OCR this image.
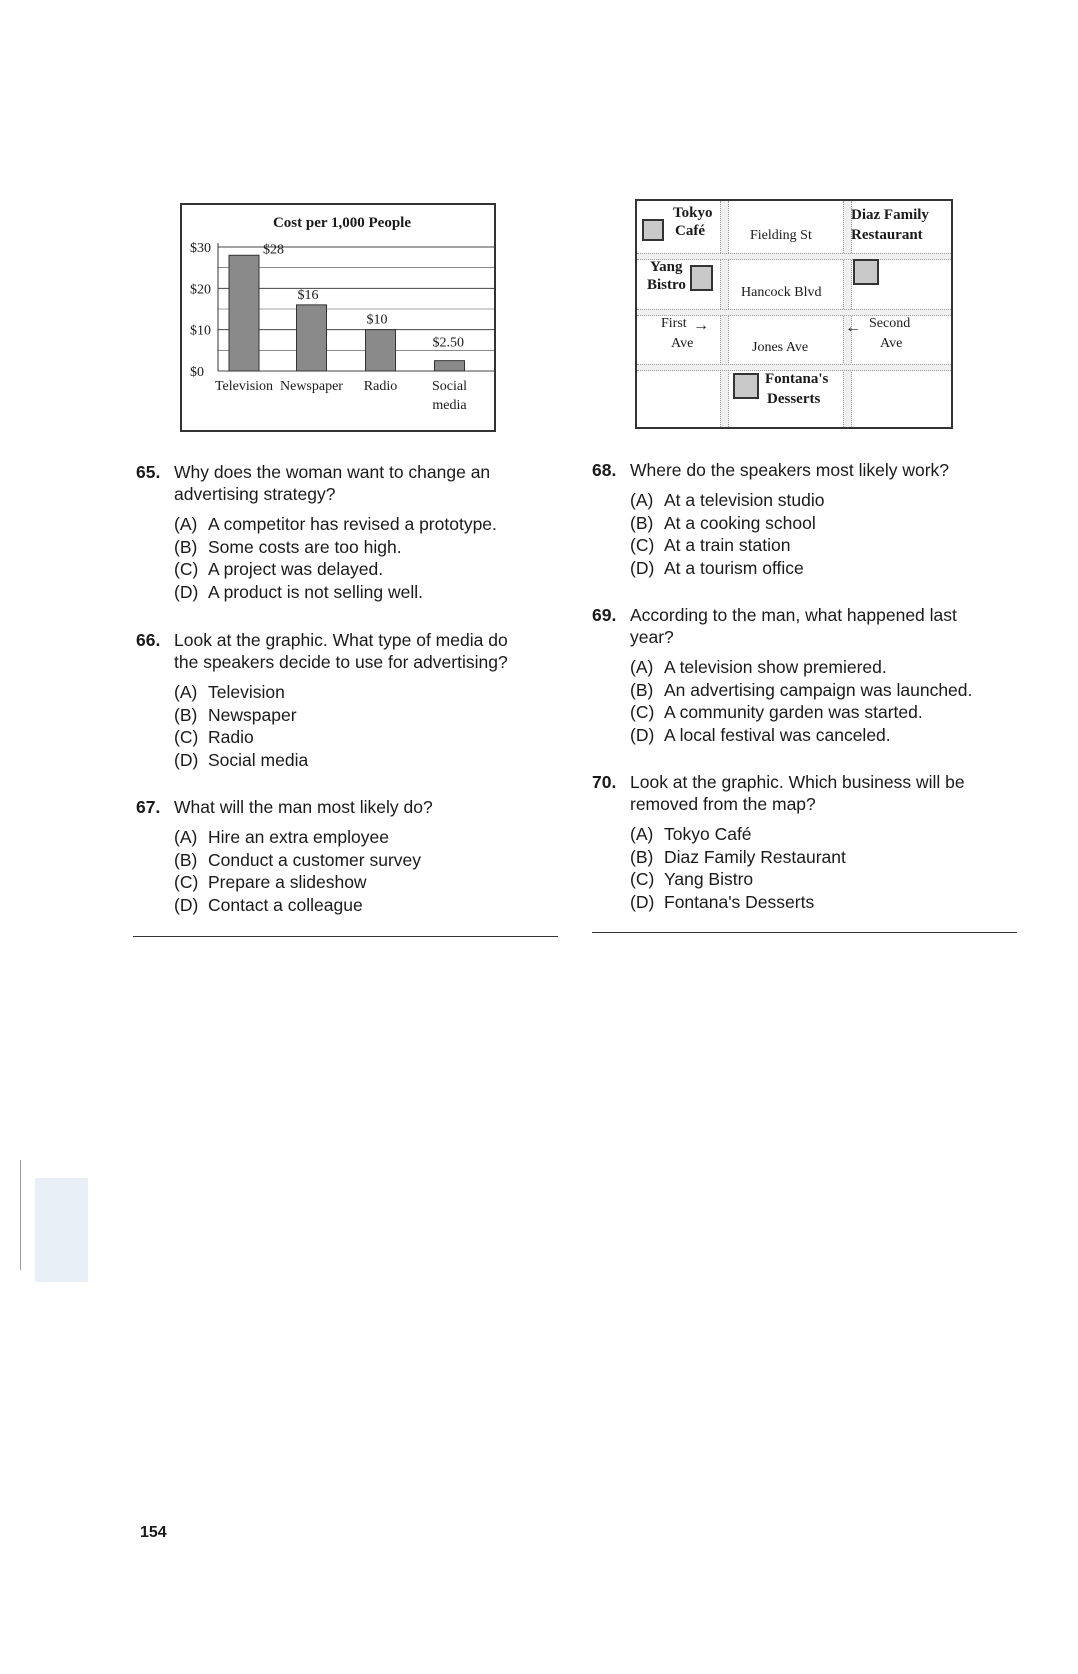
Cost per 1,000 People
$0
$10
$20
$30	$28
$16
$10
$2.50
Television Newspaper Radio Social
media
Tokyo
Café
Diaz Family
Restaurant
Fielding St
Yang
Bistro	Hancock Blvd
First
Ave
→
Jones Ave
← Second
Ave
Fontana's
Desserts
65. Why does the woman want to change an
advertising strategy?
(A) A competitor has revised a prototype.
(B) Some costs are too high.
(C) A project was delayed.
(D) A product is not selling well.
66. Look at the graphic. What type of media do
the speakers decide to use for advertising?
(A) Television
(B) Newspaper
(C) Radio
(D) Social media
67. What will the man most likely do?
(A) Hire an extra employee
(B) Conduct a customer survey
(C) Prepare a slideshow
(D) Contact a colleague
68. Where do the speakers most likely work?
(A) At a television studio
(B) At a cooking school
(C) At a train station
(D) At a tourism office
69. According to the man, what happened last
year?
(A) A television show premiered.
(B) An advertising campaign was launched.
(C) A community garden was started.
(D) A local festival was canceled.
70. Look at the graphic. Which business will be
removed from the map?
(A) Tokyo Café
(B) Diaz Family Restaurant
(C) Yang Bistro
(D) Fontana's Desserts
154
